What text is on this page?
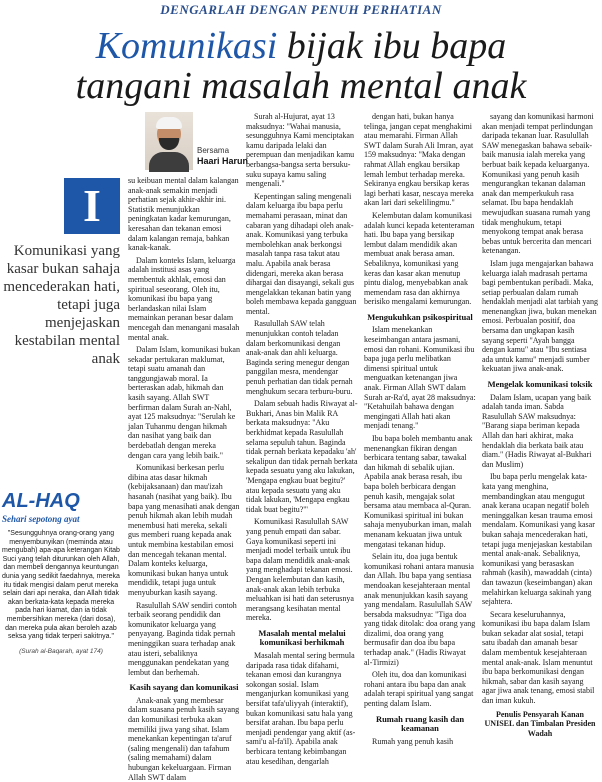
DENGARLAH DENGAN PENUH PERHATIAN
Komunikasi bijak ibu bapa
tangani masalah mental anak
Bersama
Haari Harun
I
Komunikasi yang kasar bukan sahaja mencederakan hati, tetapi juga menjejaskan kestabilan mental anak
AL-HAQ
Sehari sepotong ayat
"Sesungguhnya orang-orang yang menyembunyikan (meminda atau mengubah) apa-apa keterangan Kitab Suci yang telah diturunkan oleh Allah, dan membeli dengannya keuntungan dunia yang sedikit faedahnya, mereka itu tidak mengisi dalam perut mereka selain dari api neraka, dan Allah tidak akan berkata-kata kepada mereka pada hari kiamat, dan ia tidak membersihkan mereka (dari dosa), dan mereka pula akan beroleh azab seksa yang tidak terperi sakitnya."
(Surah al-Baqarah, ayat 174)

su keibuan mental dalam kalangan anak-anak semakin menjadi perhatian sejak akhir-akhir ini. Statistik menunjukkan peningkatan kadar kemurungan, keresahan dan tekanan emosi dalam kalangan remaja, bahkan kanak-kanak.

Dalam konteks Islam, keluarga adalah institusi asas yang membentuk akhlak, emosi dan spiritual seseorang. Oleh itu, komunikasi ibu bapa yang berlandaskan nilai Islam memainkan peranan besar dalam mencegah dan menangani masalah mental anak.

Dalam Islam, komunikasi bukan sekadar pertukaran maklumat, tetapi suatu amanah dan tanggungjawab moral. Ia berteraskan adab, hikmah dan kasih sayang. Allah SWT berfirman dalam Surah an-Nahl, ayat 125 maksudnya: "Serulah ke jalan Tuhanmu dengan hikmah dan nasihat yang baik dan berdebatlah dengan mereka dengan cara yang lebih baik."

Komunikasi berkesan perlu dibina atas dasar hikmah (kebijaksanaan) dan mau'izah hasanah (nasihat yang baik). Ibu bapa yang menasihati anak dengan penuh hikmah akan lebih mudah menembusi hati mereka, sekali gus memberi ruang kepada anak untuk membina kestabilan emosi dan mencegah tekanan mental. Dalam konteks keluarga, komunikasi bukan hanya untuk mendidik, tetapi juga untuk menyuburkan kasih sayang.

Rasulullah SAW sendiri contoh terbaik seorang pendidik dan komunikator keluarga yang penyayang. Baginda tidak pernah meninggikan suara terhadap anak atau isteri, sebaliknya menggunakan pendekatan yang lembut dan berhemah.

Kasih sayang dan komunikasi

Anak-anak yang membesar dalam suasana penuh kasih sayang dan komunikasi terbuka akan memiliki jiwa yang sihat. Islam menekankan kepentingan ta'aruf (saling mengenali) dan tafahum (saling memahami) dalam hubungan kekeluargaan. Firman Allah SWT dalam

Surah al-Hujurat, ayat 13 maksudnya: "Wahai manusia, sesungguhnya Kami menciptakan kamu daripada lelaki dan perempuan dan menjadikan kamu berbangsa-bangsa serta bersuku-suku supaya kamu saling mengenali."

Kepentingan saling mengenali dalam keluarga ibu bapa perlu memahami perasaan, minat dan cabaran yang dihadapi oleh anak-anak. Komunikasi yang terbuka membolehkan anak berkongsi masalah tanpa rasa takut atau malu. Apabila anak berasa didengari, mereka akan berasa dihargai dan disayangi, sekali gus mengelakkan tekanan batin yang boleh membawa kepada gangguan mental.

Rasulullah SAW telah menunjukkan contoh teladan dalam berkomunikasi dengan anak-anak dan ahli keluarga. Baginda sering menegur dengan panggilan mesra, mendengar penuh perhatian dan tidak pernah menghukum secara terburu-buru.

Dalam sebuah hadis Riwayat al-Bukhari, Anas bin Malik RA berkata maksudnya: "Aku berkhidmat kepada Rasulullah selama sepuluh tahun. Baginda tidak pernah berkata kepadaku 'ah' sekalipun dan tidak pernah berkata kepada sesuatu yang aku lakukan, 'Mengapa engkau buat begitu?' atau kepada sesuatu yang aku tidak lakukan, 'Mengapa engkau tidak buat begitu?'"

Komunikasi Rasulullah SAW yang penuh empati dan sabar. Gaya komunikasi seperti ini menjadi model terbaik untuk ibu bapa dalam mendidik anak-anak yang menghadapi tekanan emosi. Dengan kelembutan dan kasih, anak-anak akan lebih terbuka meluahkan isi hati dan seterusnya merangsang kesihatan mental mereka.

Masalah mental melalui komunikasi berhikmah

Masalah mental sering bermula daripada rasa tidak difahami, tekanan emosi dan kurangnya sokongan sosial. Islam menganjurkan komunikasi yang bersifat tafa'uliyyah (interaktif), bukan komunikasi satu hala yang bersifat arahan. Ibu bapa perlu menjadi pendengar yang aktif (as-sami'u al-fa'il). Apabila anak berbicara tentang kebimbangan atau kesedihan, dengarlah

dengan hati, bukan hanya telinga, jangan cepat menghakimi atau memarahi. Firman Allah SWT dalam Surah Ali Imran, ayat 159 maksudnya: "Maka dengan rahmat Allah engkau bersikap lemah lembut terhadap mereka. Sekiranya engkau bersikap keras lagi berhati kasar, nescaya mereka akan lari dari sekelilingmu."

Kelembutan dalam komunikasi adalah kunci kepada ketenteraman hati. Ibu bapa yang bersikap lembut dalam mendidik akan membuat anak berasa aman. Sebaliknya, komunikasi yang keras dan kasar akan menutup pintu dialog, menyebabkan anak memendam rasa dan akhirnya berisiko mengalami kemurungan.

Mengukuhkan psikospiritual

Islam menekankan keseimbangan antara jasmani, emosi dan rohani. Komunikasi ibu bapa juga perlu melibatkan dimensi spiritual untuk menguatkan ketenangan jiwa anak. Firman Allah SWT dalam Surah ar-Ra'd, ayat 28 maksudnya: "Ketahuilah bahawa dengan mengingati Allah hati akan menjadi tenang."

Ibu bapa boleh membantu anak menenangkan fikiran dengan berbicara tentang sabar, tawakal dan hikmah di sebalik ujian. Apabila anak berasa resah, ibu bapa boleh berbicara dengan penuh kasih, mengajak solat bersama atau membaca al-Quran. Komunikasi spiritual ini bukan sahaja menyuburkan iman, malah menanam kekuatan jiwa untuk mengatasi tekanan hidup.

Selain itu, doa juga bentuk komunikasi rohani antara manusia dan Allah. Ibu bapa yang sentiasa mendoakan kesejahteraan mental anak menunjukkan kasih sayang yang mendalam. Rasulullah SAW bersabda maksudnya: "Tiga doa yang tidak ditolak: doa orang yang dizalimi, doa orang yang bermusafir dan doa ibu bapa terhadap anak." (Hadis Riwayat al-Tirmizi)

Oleh itu, doa dan komunikasi rohani antara ibu bapa dan anak adalah terapi spiritual yang sangat penting dalam Islam.

Rumah ruang kasih dan keamanan

Rumah yang penuh kasih

sayang dan komunikasi harmoni akan menjadi tempat perlindungan daripada tekanan luar. Rasulullah SAW menegaskan bahawa sebaik-baik manusia ialah mereka yang berbuat baik kepada keluarganya. Komunikasi yang penuh kasih mengurangkan tekanan dalaman anak dan memperkukuh rasa selamat. Ibu bapa hendaklah mewujudkan suasana rumah yang tidak menghukum, tetapi menyokong tempat anak berasa bebas untuk bercerita dan mencari ketenangan.

Islam juga mengajarkan bahawa keluarga ialah madrasah pertama bagi pembentukan peribadi. Maka, setiap perbualan dalam rumah hendaklah menjadi alat tarbiah yang menenangkan jiwa, bukan menekan emosi. Perbualan positif, doa bersama dan ungkapan kasih sayang seperti "Ayah bangga dengan kamu" atau "Ibu sentiasa ada untuk kamu" menjadi sumber kekuatan jiwa anak-anak.

Mengelak komunikasi toksik

Dalam Islam, ucapan yang baik adalah tanda iman. Sabda Rasulullah SAW maksudnya: "Barang siapa beriman kepada Allah dan hari akhirat, maka hendaklah dia berkata baik atau diam." (Hadis Riwayat al-Bukhari dan Muslim)

Ibu bapa perlu mengelak kata-kata yang menghina, membandingkan atau mengugut anak kerana ucapan negatif boleh meninggalkan kesan trauma emosi mendalam. Komunikasi yang kasar bukan sahaja mencederakan hati, tetapi juga menjejaskan kestabilan mental anak-anak. Sebaliknya, komunikasi yang berasaskan rahmah (kasih), mawaddah (cinta) dan tawazun (keseimbangan) akan melahirkan keluarga sakinah yang sejahtera.

Secara keseluruhannya, komunikasi ibu bapa dalam Islam bukan sekadar alat sosial, tetapi satu ibadah dan amanah besar dalam membentuk kesejahteraan mental anak-anak. Islam menuntut ibu bapa berkomunikasi dengan hikmah, sabar dan kasih sayang agar jiwa anak tenang, emosi stabil dan iman kukuh.

Penulis Pensyarah Kanan UNISEL dan Timbalan Presiden Wadah
